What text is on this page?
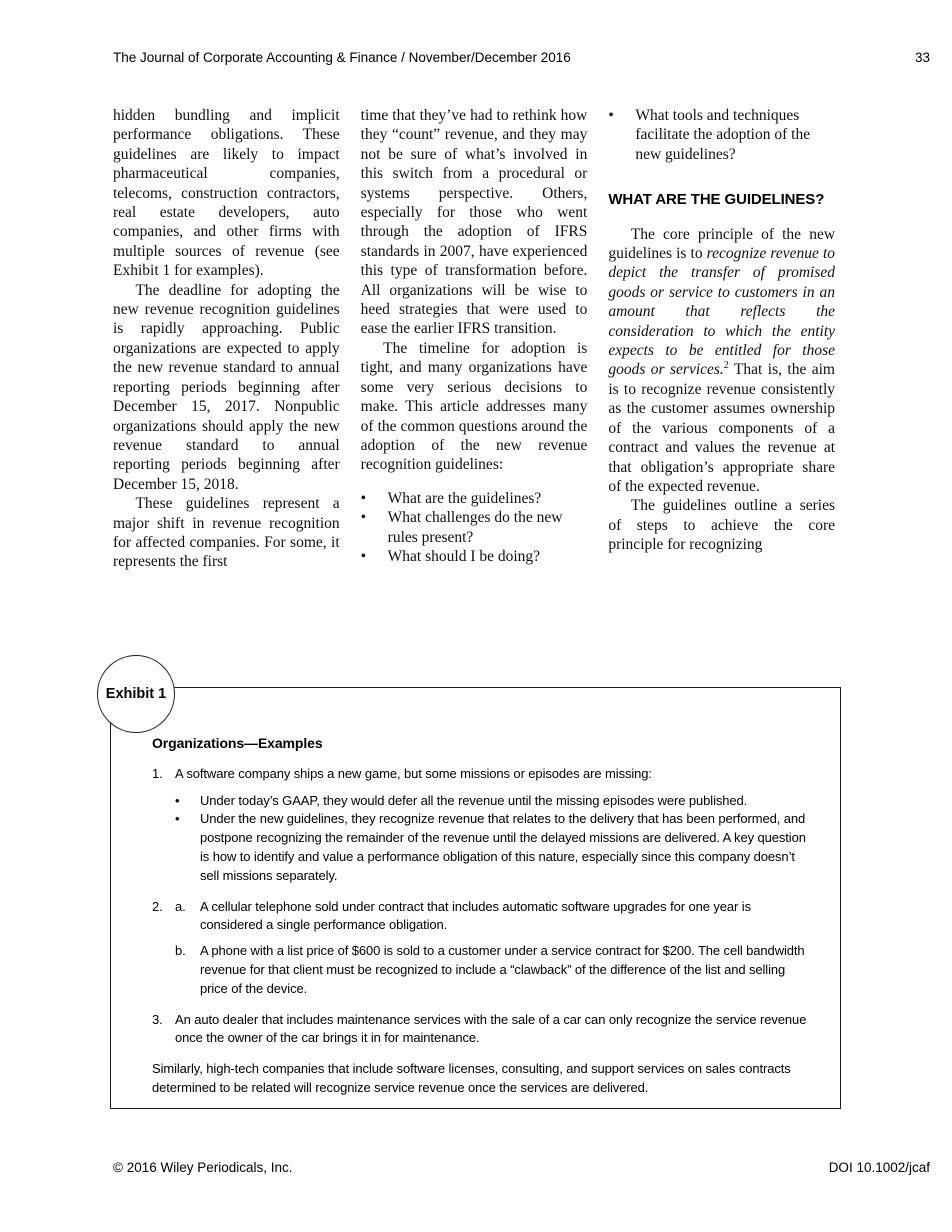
The Journal of Corporate Accounting & Finance / November/December 2016	33

hidden bundling and implicit performance obligations. These guidelines are likely to impact pharmaceutical companies, telecoms, construction contractors, real estate developers, auto companies, and other firms with multiple sources of revenue (see Exhibit 1 for examples).

The deadline for adopting the new revenue recognition guidelines is rapidly approaching. Public organizations are expected to apply the new revenue standard to annual reporting periods beginning after December 15, 2017. Nonpublic organizations should apply the new revenue standard to annual reporting periods beginning after December 15, 2018.

These guidelines represent a major shift in revenue recognition for affected companies. For some, it represents the first

time that they’ve had to rethink how they “count” revenue, and they may not be sure of what’s involved in this switch from a procedural or systems perspective. Others, especially for those who went through the adoption of IFRS standards in 2007, have experienced this type of transformation before. All organizations will be wise to heed strategies that were used to ease the earlier IFRS transition.

The timeline for adoption is tight, and many organizations have some very serious decisions to make. This article addresses many of the common questions around the adoption of the new revenue recognition guidelines:

•
What are the guidelines?
•
What challenges do the new rules present?
•
What should I be doing?
•
What tools and techniques facilitate the adoption of the new guidelines?
WHAT ARE THE GUIDELINES?

The core principle of the new guidelines is to recognize revenue to depict the transfer of promised goods or service to customers in an amount that reflects the consideration to which the entity expects to be entitled for those goods or services.$^2$ That is, the aim is to recognize revenue consistently as the customer assumes ownership of the various components of a contract and values the revenue at that obligation’s appropriate share of the expected revenue.

The guidelines outline a series of steps to achieve the core principle for recognizing

Exhibit 1
Organizations—Examples
1. A software company ships a new game, but some missions or episodes are missing:

•
Under today’s GAAP, they would defer all the revenue until the missing episodes were published.
•
Under the new guidelines, they recognize revenue that relates to the delivery that has been performed, and postpone recognizing the remainder of the revenue until the delayed missions are delivered. A key question is how to identify and value a performance obligation of this nature, especially since this company doesn’t sell missions separately.
2. a.	A cellular telephone sold under contract that includes automatic software upgrades for one year is considered a single performance obligation.

b.	A phone with a list price of $600 is sold to a customer under a service contract for $200. The cell bandwidth revenue for that client must be recognized to include a “clawback” of the difference of the list and selling price of the device.

3. An auto dealer that includes maintenance services with the sale of a car can only recognize the service revenue once the owner of the car brings it in for maintenance.

Similarly, high-tech companies that include software licenses, consulting, and support services on sales contracts determined to be related will recognize service revenue once the services are delivered.

© 2016 Wiley Periodicals, Inc.	DOI 10.1002/jcaf
